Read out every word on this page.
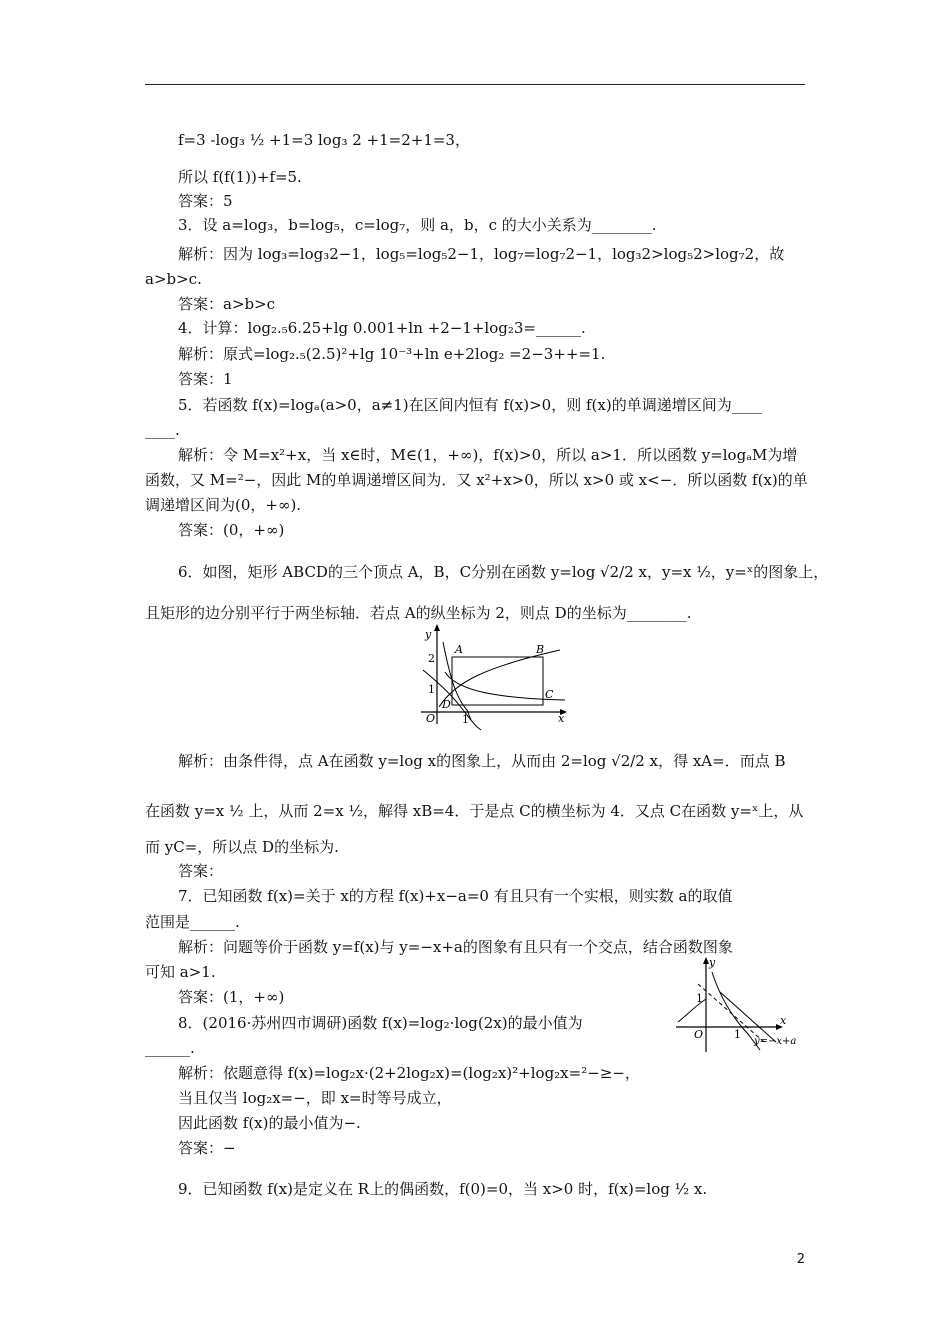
f=3 -log₃ ½ +1=3 log₃ 2 +1=2+1=3，
所以 f(f(1))+f=5.
答案：5
3．设 a=log₃，b=log₅，c=log₇，则 a，b，c 的大小关系为________.
解析：因为 log₃=log₃2−1，log₅=log₅2−1，log₇=log₇2−1，log₃2>log₅2>log₇2，故
a>b>c.
答案：a>b>c
4．计算：log₂.₅6.25+lg 0.001+ln +2−1+log₂3=______.
解析：原式=log₂.₅(2.5)²+lg 10⁻³+ln e+2log₂ =2−3++=1.
答案：1
5．若函数 f(x)=logₐ(a>0，a≠1)在区间内恒有 f(x)>0，则 f(x)的单调递增区间为____
____.
解析：令 M=x²+x，当 x∈时，M∈(1，+∞)，f(x)>0，所以 a>1．所以函数 y=logₐM为增
函数，又 M=²−，因此 M的单调递增区间为．又 x²+x>0，所以 x>0 或 x<−．所以函数 f(x)的单
调递增区间为(0，+∞).
答案：(0，+∞)
6．如图，矩形 ABCD的三个顶点 A，B，C分别在函数 y=log √2/2 x，y=x ½，y=ˣ的图象上，
且矩形的边分别平行于两坐标轴．若点 A的纵坐标为 2，则点 D的坐标为________.
y
x
O 1
1
2
A	B
C
D
解析：由条件得，点 A在函数 y=log x的图象上，从而由 2=log √2/2 x，得 xA=．而点 B
在函数 y=x ½ 上，从而 2=x ½，解得 xB=4．于是点 C的横坐标为 4．又点 C在函数 y=ˣ上，从
而 yC=，所以点 D的坐标为.
答案：
7．已知函数 f(x)=关于 x的方程 f(x)+x−a=0 有且只有一个实根，则实数 a的取值
范围是______.
解析：问题等价于函数 y=f(x)与 y=−x+a的图象有且只有一个交点，结合函数图象
可知 a>1.
答案：(1，+∞)
8．(2016·苏州四市调研)函数 f(x)=log₂·log(2x)的最小值为
______.
y
x
O	1
1
y=−x+a
解析：依题意得 f(x)=log₂x·(2+2log₂x)=(log₂x)²+log₂x=²−≥−，
当且仅当 log₂x=−，即 x=时等号成立，
因此函数 f(x)的最小值为−.
答案：−
9．已知函数 f(x)是定义在 R上的偶函数，f(0)=0，当 x>0 时，f(x)=log ½ x.
2
